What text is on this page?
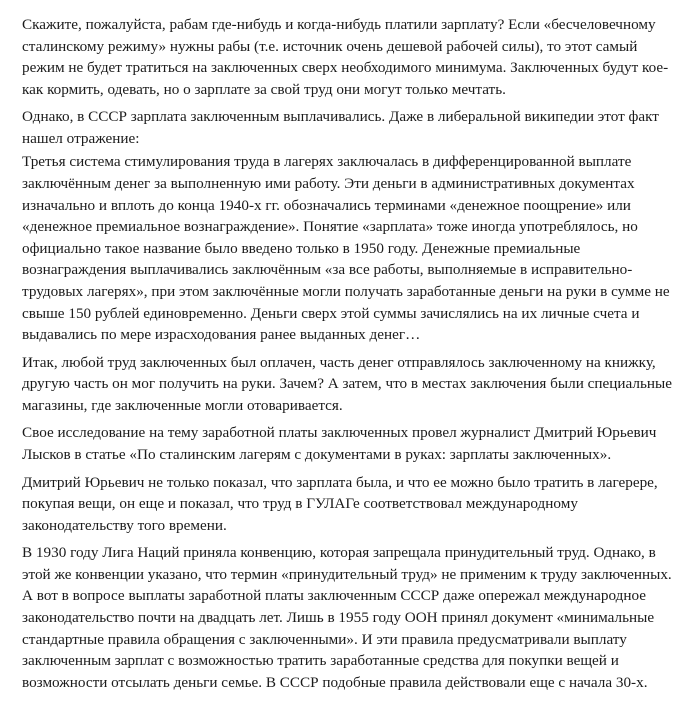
Скажите, пожалуйста, рабам где-нибудь и когда-нибудь платили зарплату? Если «бесчеловечному сталинскому режиму» нужны рабы (т.е. источник очень дешевой рабочей силы), то этот самый режим не будет тратиться на заключенных сверх необходимого минимума. Заключенных будут кое-как кормить, одевать, но о зарплате за свой труд они могут только мечтать.

Однако, в СССР зарплата заключенным выплачивались. Даже в либеральной википедии этот факт нашел отражение:

Третья система стимулирования труда в лагерях заключалась в дифференцированной выплате заключённым денег за выполненную ими работу. Эти деньги в административных документах изначально и вплоть до конца 1940-х гг. обозначались терминами «денежное поощрение» или «денежное премиальное вознаграждение». Понятие «зарплата» тоже иногда употреблялось, но официально такое название было введено только в 1950 году. Денежные премиальные вознаграждения выплачивались заключённым «за все работы, выполняемые в исправительно-трудовых лагерях», при этом заключённые могли получать заработанные деньги на руки в сумме не свыше 150 рублей единовременно. Деньги сверх этой суммы зачислялись на их личные счета и выдавались по мере израсходования ранее выданных денег…

Итак, любой труд заключенных был оплачен, часть денег отправлялось заключенному на книжку, другую часть он мог получить на руки. Зачем? А затем, что в местах заключения были специальные магазины, где заключенные могли отоваривается.

Свое исследование на тему заработной платы заключенных провел журналист Дмитрий Юрьевич Лысков в статье «По сталинским лагерям с документами в руках: зарплаты заключенных».

Дмитрий Юрьевич не только показал, что зарплата была, и что ее можно было тратить в лагерере, покупая вещи, он еще и показал, что труд в ГУЛАГе соответствовал международному законодательству того времени.

В 1930 году Лига Наций приняла конвенцию, которая запрещала принудительный труд. Однако, в этой же конвенции указано, что термин «принудительный труд» не применим к труду заключенных. А вот в вопросе выплаты заработной платы заключенным СССР даже опережал международное законодательство почти на двадцать лет. Лишь в 1955 году ООН принял документ «минимальные стандартные правила обращения с заключенными». И эти правила предусматривали выплату заключенным зарплат с возможностью тратить заработанные средства для покупки вещей и возможности отсылать деньги семье. В СССР подобные правила действовали еще с начала 30-х.
